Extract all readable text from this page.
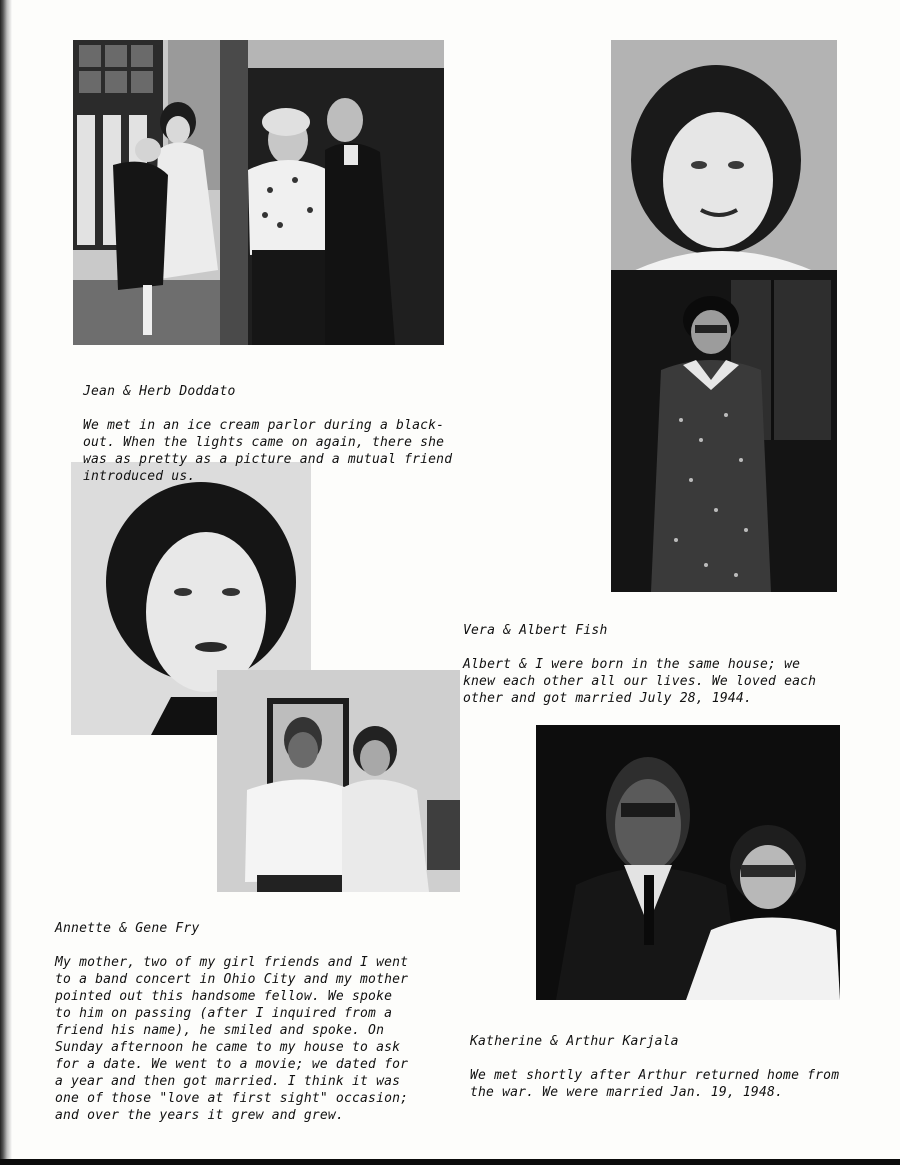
Jean & Herb Doddato

We met in an ice cream parlor during a black-
out. When the lights came on again, there she
was as pretty as a picture and a mutual friend
introduced us.

Vera & Albert Fish

Albert & I were born in the same house; we
knew each other all our lives. We loved each
other and got married July 28, 1944.

Annette & Gene Fry

My mother, two of my girl friends and I went
to a band concert in Ohio City and my mother
pointed out this handsome fellow. We spoke
to him on passing (after I inquired from a
friend his name), he smiled and spoke. On
Sunday afternoon he came to my house to ask
for a date. We went to a movie; we dated for
a year and then got married. I think it was
one of those "love at first sight" occasion;
and over the years it grew and grew.

Katherine & Arthur Karjala

We met shortly after Arthur returned home from
the war. We were married Jan. 19, 1948.
